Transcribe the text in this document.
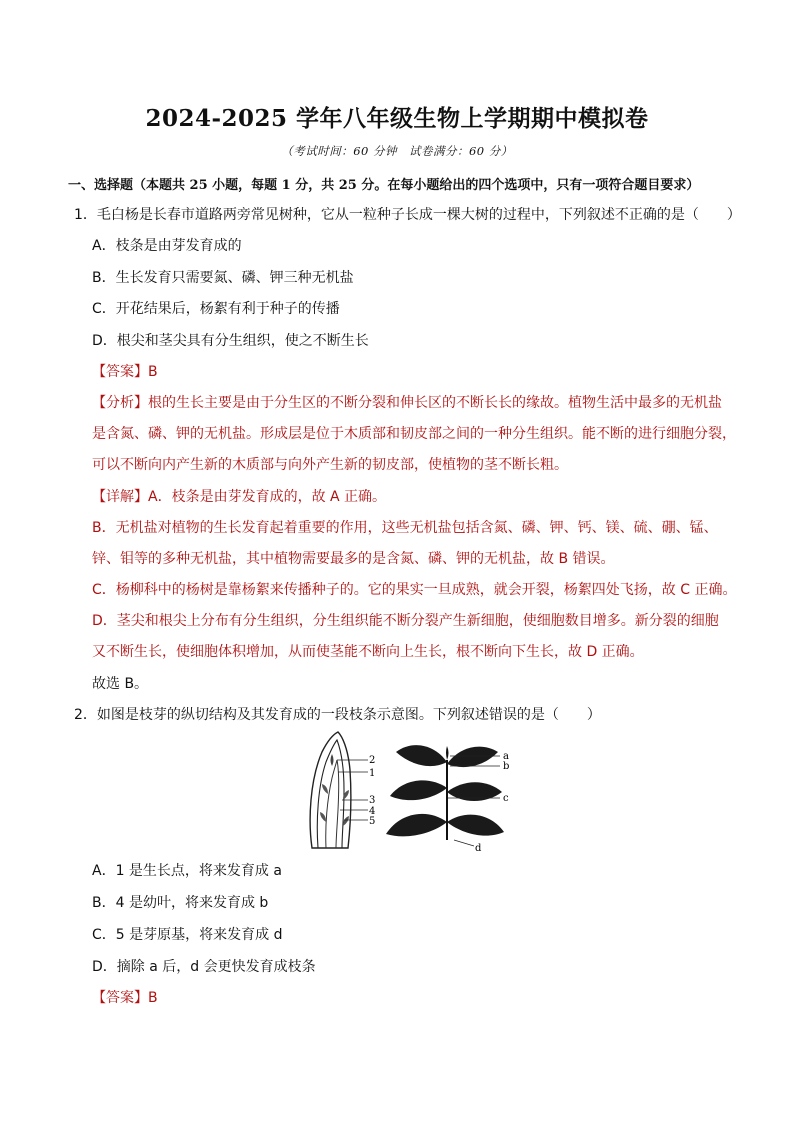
2024-2025 学年八年级生物上学期期中模拟卷
（考试时间：60 分钟　试卷满分：60 分）
一、选择题（本题共 25 小题，每题 1 分，共 25 分。在每小题给出的四个选项中，只有一项符合题目要求）
1．毛白杨是长春市道路两旁常见树种，它从一粒种子长成一棵大树的过程中，下列叙述不正确的是（　　）
A．枝条是由芽发育成的
B．生长发育只需要氮、磷、钾三种无机盐
C．开花结果后，杨絮有利于种子的传播
D．根尖和茎尖具有分生组织，使之不断生长
【答案】B
【分析】根的生长主要是由于分生区的不断分裂和伸长区的不断长长的缘故。植物生活中最多的无机盐
是含氮、磷、钾的无机盐。形成层是位于木质部和韧皮部之间的一种分生组织。能不断的进行细胞分裂，
可以不断向内产生新的木质部与向外产生新的韧皮部，使植物的茎不断长粗。
【详解】A．枝条是由芽发育成的，故 A 正确。
B．无机盐对植物的生长发育起着重要的作用，这些无机盐包括含氮、磷、钾、钙、镁、硫、硼、锰、
锌、钼等的多种无机盐，其中植物需要最多的是含氮、磷、钾的无机盐，故 B 错误。
C．杨柳科中的杨树是靠杨絮来传播种子的。它的果实一旦成熟，就会开裂，杨絮四处飞扬，故 C 正确。
D．茎尖和根尖上分布有分生组织，分生组织能不断分裂产生新细胞，使细胞数目增多。新分裂的细胞
又不断生长，使细胞体积增加，从而使茎能不断向上生长，根不断向下生长，故 D 正确。
故选 B。
2．如图是枝芽的纵切结构及其发育成的一段枝条示意图。下列叙述错误的是（　　）
2
1
3
4
5
a
b
c
d
A．1 是生长点，将来发育成 a
B．4 是幼叶，将来发育成 b
C．5 是芽原基，将来发育成 d
D．摘除 a 后，d 会更快发育成枝条
【答案】B
